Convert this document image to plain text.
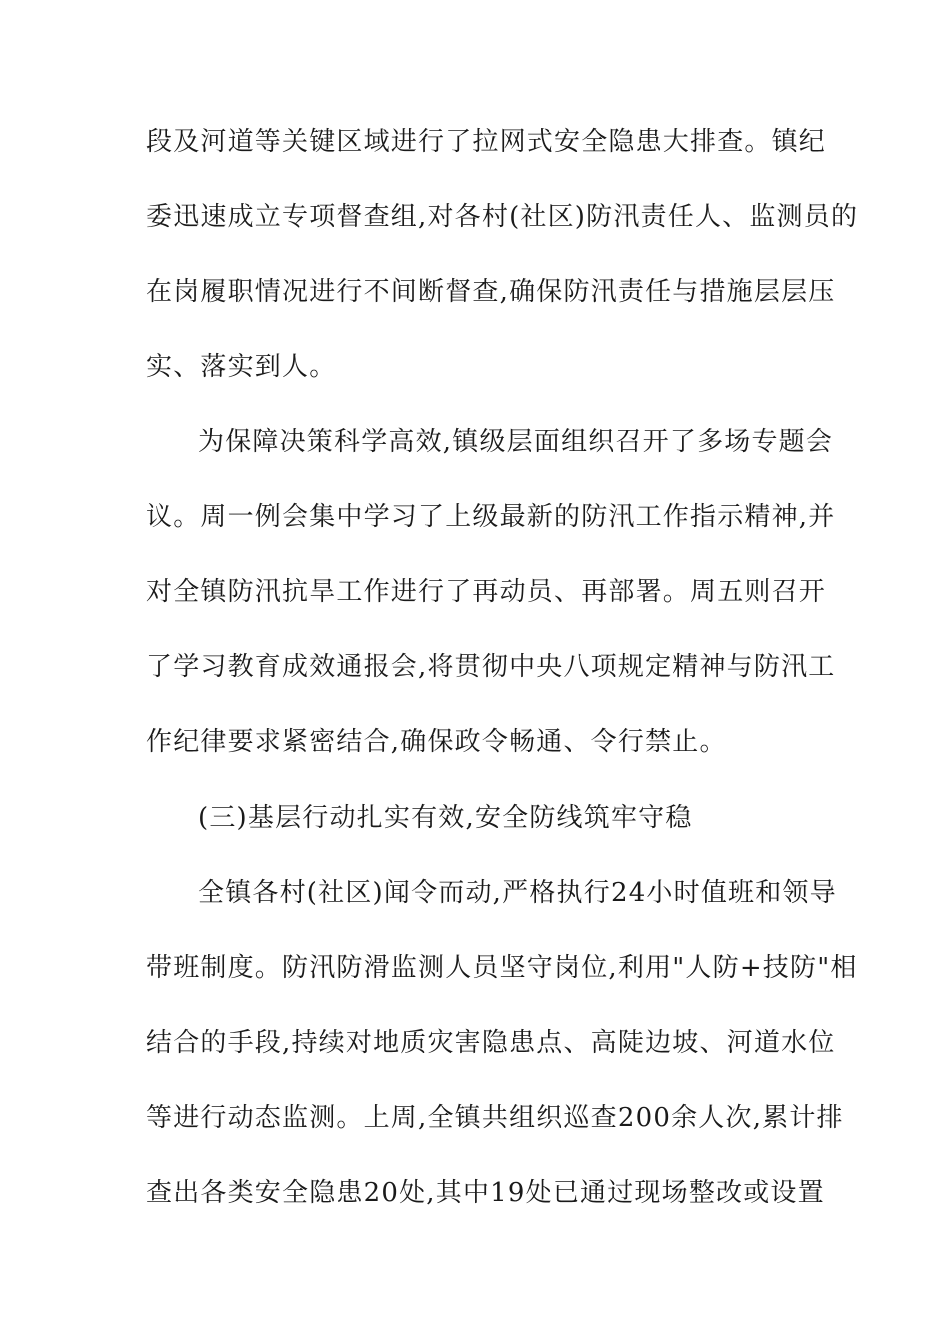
段及河道等关键区域进行了拉网式安全隐患大排查。镇纪
委迅速成立专项督查组,对各村(社区)防汛责任人、监测员的
在岗履职情况进行不间断督查,确保防汛责任与措施层层压
实、落实到人。
为保障决策科学高效,镇级层面组织召开了多场专题会
议。周一例会集中学习了上级最新的防汛工作指示精神,并
对全镇防汛抗旱工作进行了再动员、再部署。周五则召开
了学习教育成效通报会,将贯彻中央八项规定精神与防汛工
作纪律要求紧密结合,确保政令畅通、令行禁止。
(三)基层行动扎实有效,安全防线筑牢守稳
全镇各村(社区)闻令而动,严格执行24小时值班和领导
带班制度。防汛防滑监测人员坚守岗位,利用"人防+技防"相
结合的手段,持续对地质灾害隐患点、高陡边坡、河道水位
等进行动态监测。上周,全镇共组织巡查200余人次,累计排
查出各类安全隐患20处,其中19处已通过现场整改或设置
